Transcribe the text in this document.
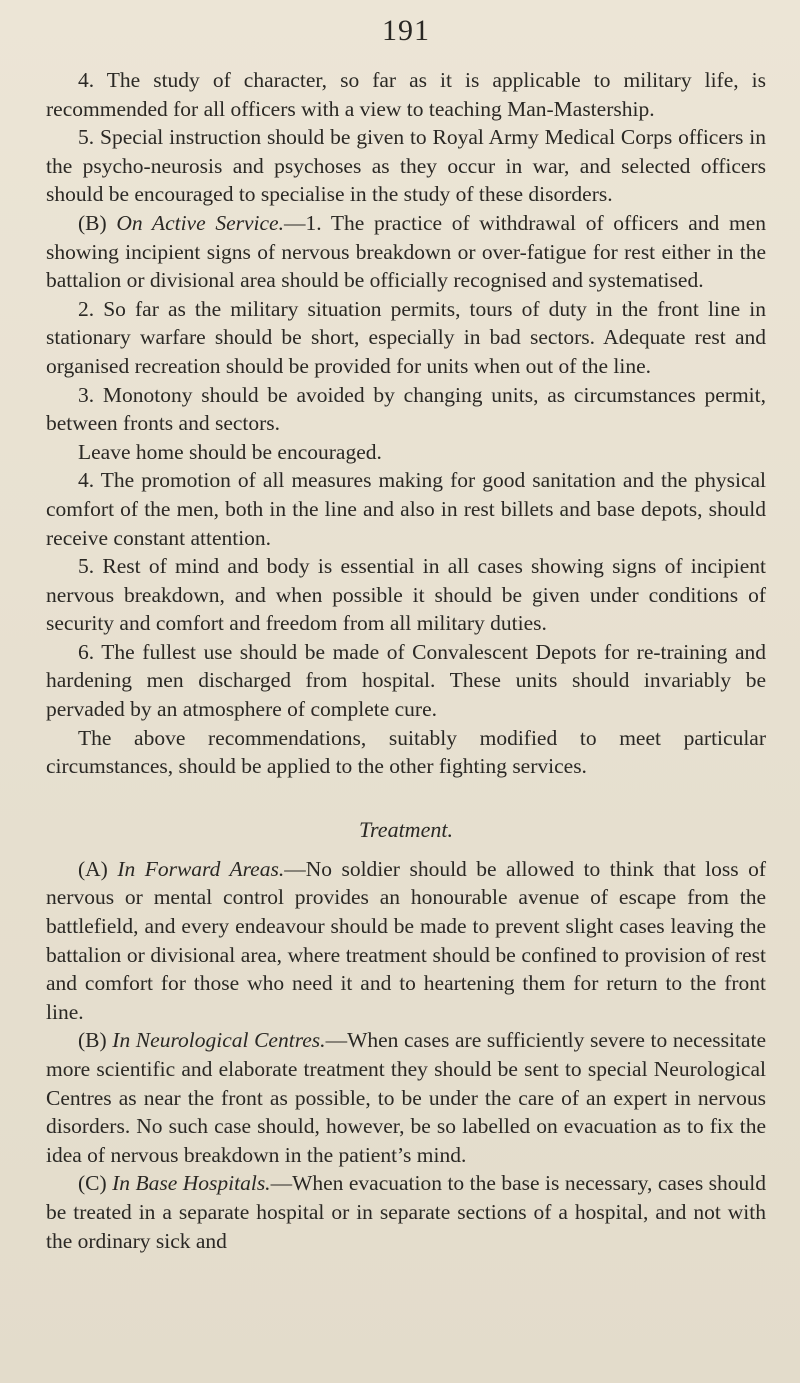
191

4. The study of character, so far as it is applicable to military life, is recommended for all officers with a view to teaching Man-Mastership.

5. Special instruction should be given to Royal Army Medical Corps officers in the psycho-neurosis and psychoses as they occur in war, and selected officers should be encouraged to specialise in the study of these disorders.

(B) On Active Service.—1. The practice of withdrawal of officers and men showing incipient signs of nervous breakdown or over-fatigue for rest either in the battalion or divisional area should be officially recognised and systematised.

2. So far as the military situation permits, tours of duty in the front line in stationary warfare should be short, especially in bad sectors. Adequate rest and organised recreation should be provided for units when out of the line.

3. Monotony should be avoided by changing units, as circumstances permit, between fronts and sectors.

Leave home should be encouraged.

4. The promotion of all measures making for good sanitation and the physical comfort of the men, both in the line and also in rest billets and base depots, should receive constant attention.

5. Rest of mind and body is essential in all cases showing signs of incipient nervous breakdown, and when possible it should be given under conditions of security and comfort and freedom from all military duties.

6. The fullest use should be made of Convalescent Depots for re-training and hardening men discharged from hospital. These units should invariably be pervaded by an atmosphere of complete cure.

The above recommendations, suitably modified to meet particular circumstances, should be applied to the other fighting services.

Treatment.

(A) In Forward Areas.—No soldier should be allowed to think that loss of nervous or mental control provides an honourable avenue of escape from the battlefield, and every endeavour should be made to prevent slight cases leaving the battalion or divisional area, where treatment should be confined to provision of rest and comfort for those who need it and to heartening them for return to the front line.

(B) In Neurological Centres.—When cases are sufficiently severe to necessitate more scientific and elaborate treatment they should be sent to special Neurological Centres as near the front as possible, to be under the care of an expert in nervous disorders. No such case should, however, be so labelled on evacuation as to fix the idea of nervous breakdown in the patient’s mind.

(C) In Base Hospitals.—When evacuation to the base is necessary, cases should be treated in a separate hospital or in separate sections of a hospital, and not with the ordinary sick and
